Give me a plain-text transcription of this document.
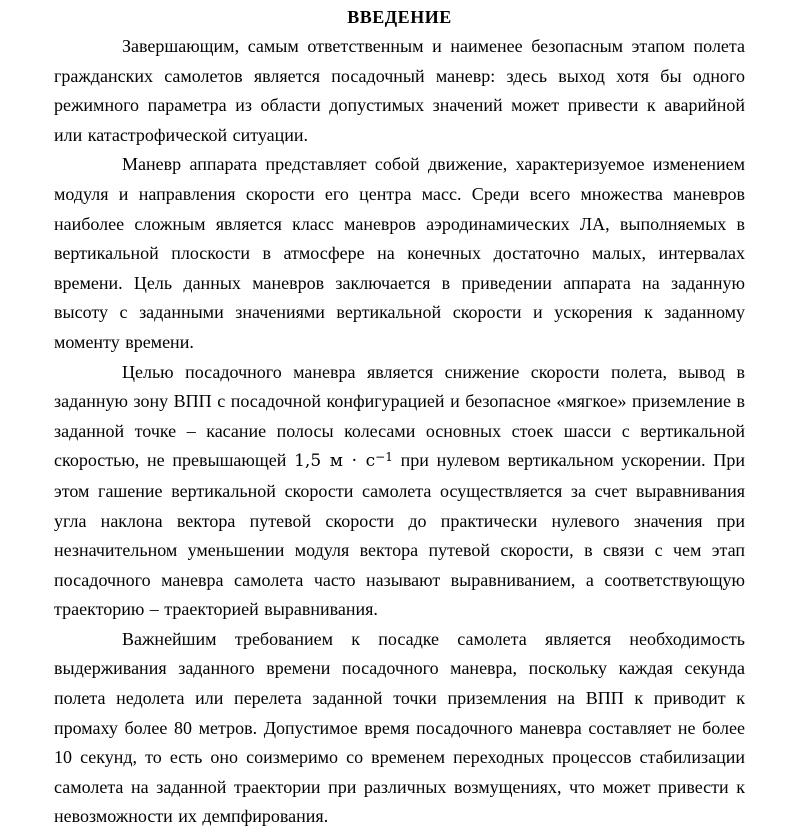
ВВЕДЕНИЕ

Завершающим, самым ответственным и наименее безопасным этапом полета гражданских самолетов является посадочный маневр: здесь выход хотя бы одного режимного параметра из области допустимых значений может привести к аварийной или катастрофической ситуации.

Маневр аппарата представляет собой движение, характеризуемое изменением модуля и направления скорости его центра масс. Среди всего множества маневров наиболее сложным является класс маневров аэродинамических ЛА, выполняемых в вертикальной плоскости в атмосфере на конечных достаточно малых, интервалах времени. Цель данных маневров заключается в приведении аппарата на заданную высоту с заданными значениями вертикальной скорости и ускорения к заданному моменту времени.

Целью посадочного маневра является снижение скорости полета, вывод в заданную зону ВПП с посадочной конфигурацией и безопасное «мягкое» приземление в заданной точке – касание полосы колесами основных стоек шасси с вертикальной скоростью, не превышающей 1,5 $м \cdot с^{-1}$ при нулевом вертикальном ускорении. При этом гашение вертикальной скорости самолета осуществляется за счет выравнивания угла наклона вектора путевой скорости до практически нулевого значения при незначительном уменьшении модуля вектора путевой скорости, в связи с чем этап посадочного маневра самолета часто называют выравниванием, а соответствующую траекторию – траекторией выравнивания.

Важнейшим требованием к посадке самолета является необходимость выдерживания заданного времени посадочного маневра, поскольку каждая секунда полета недолета или перелета заданной точки приземления на ВПП к приводит к промаху более 80 метров. Допустимое время посадочного маневра составляет не более 10 секунд, то есть оно соизмеримо со временем переходных процессов стабилизации самолета на заданной траектории при различных возмущениях, что может привести к невозможности их демпфирования.
